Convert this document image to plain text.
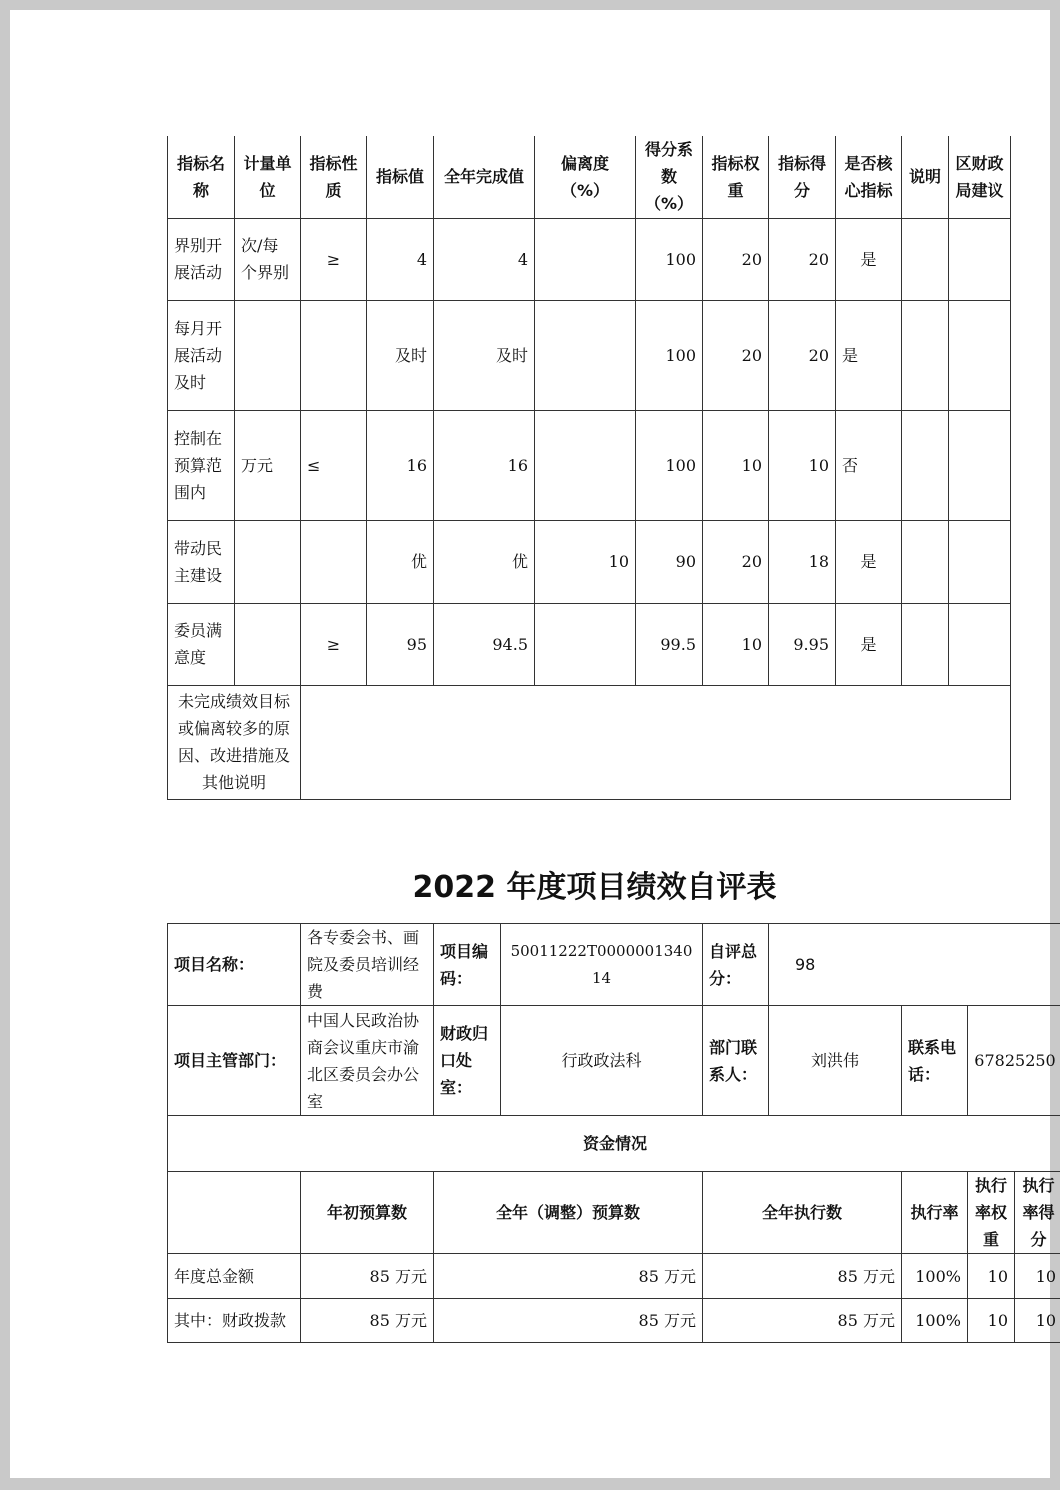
指标名称	计量单位	指标性质	指标值	全年完成值	偏离度（%）	得分系数（%）	指标权重	指标得分	是否核心指标	说明	区财政局建议
界别开展活动	次/每个界别	≥	4	4		100	20	20	是		
每月开展活动及时			及时	及时		100	20	20	是		
控制在预算范围内	万元	≤	16	16		100	10	10	否		
带动民主建设			优	优	10	90	20	18	是		
委员满意度		≥	95	94.5		99.5	10	9.95	是		
未完成绩效目标或偏离较多的原因、改进措施及其他说明											
2022 年度项目绩效自评表
项目名称：	各专委会书、画院及委员培训经费	项目编码：	50011222T000000134014	自评总分：	98			
项目主管部门：	中国人民政治协商会议重庆市渝北区委员会办公室	财政归口处室：	行政政法科	部门联系人：	刘洪伟	联系电话：	67825250	
资金情况								
	年初预算数	全年（调整）预算数		全年执行数		执行率	执行率权重	执行率得分
年度总金额	85 万元	85 万元		85 万元		100%	10	10
其中：财政拨款	85 万元	85 万元		85 万元		100%	10	10
